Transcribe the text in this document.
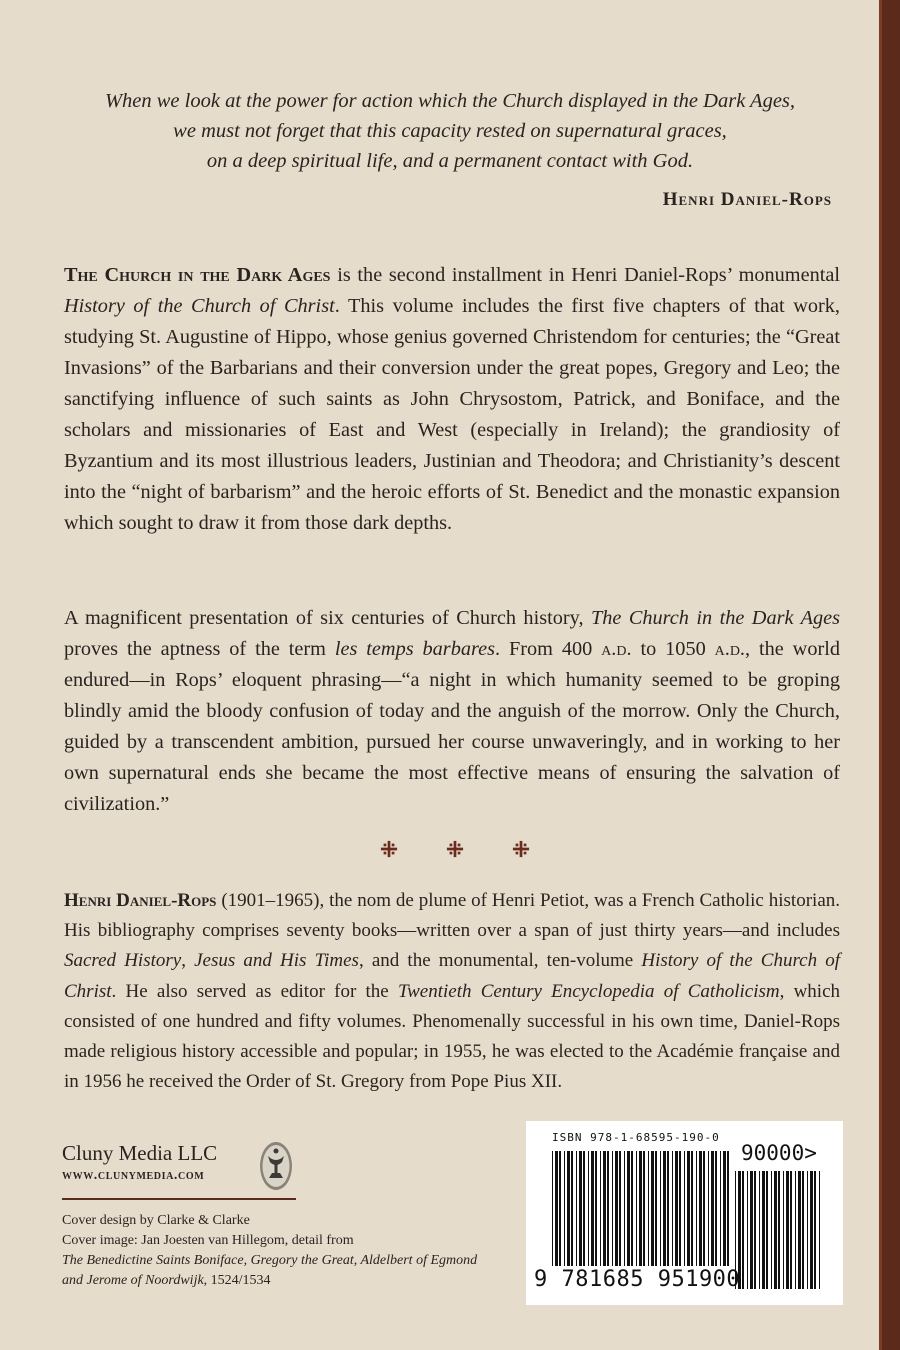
When we look at the power for action which the Church displayed in the Dark Ages,
we must not forget that this capacity rested on supernatural graces,
on a deep spiritual life, and a permanent contact with God.
Henri Daniel-Rops
The Church in the Dark Ages is the second installment in Henri Daniel-Rops’ monumental History of the Church of Christ. This volume includes the first five chapters of that work, studying St. Augustine of Hippo, whose genius governed Christendom for centuries; the “Great Invasions” of the Barbarians and their conversion under the great popes, Gregory and Leo; the sanctifying influence of such saints as John Chrysostom, Patrick, and Boniface, and the scholars and missionaries of East and West (especially in Ireland); the grandiosity of Byzantium and its most illustrious leaders, Justinian and Theodora; and Christianity’s descent into the “night of barbarism” and the heroic efforts of St. Benedict and the monastic expansion which sought to draw it from those dark depths.
A magnificent presentation of six centuries of Church history, The Church in the Dark Ages proves the aptness of the term les temps barbares. From 400 a.d. to 1050 a.d., the world endured—in Rops’ eloquent phrasing—“a night in which humanity seemed to be groping blindly amid the bloody confusion of today and the anguish of the morrow. Only the Church, guided by a transcendent ambition, pursued her course unwaveringly, and in working to her own supernatural ends she became the most effective means of ensuring the salvation of civilization.”
Henri Daniel-Rops (1901–1965), the nom de plume of Henri Petiot, was a French Catholic historian. His bibliography comprises seventy books—written over a span of just thirty years—and includes Sacred History, Jesus and His Times, and the monumental, ten-volume History of the Church of Christ. He also served as editor for the Twentieth Century Encyclopedia of Catholicism, which consisted of one hundred and fifty volumes. Phenomenally successful in his own time, Daniel-Rops made religious history accessible and popular; in 1955, he was elected to the Académie française and in 1956 he received the Order of St. Gregory from Pope Pius XII.
Cluny Media LLC
www.clunymedia.com
Cover design by Clarke & Clarke
Cover image: Jan Joesten van Hillegom, detail from
The Benedictine Saints Boniface, Gregory the Great, Aldelbert of Egmond and Jerome of Noordwijk, 1524/1534
ISBN 978-1-68595-190-0
90000>
9 781685 951900
